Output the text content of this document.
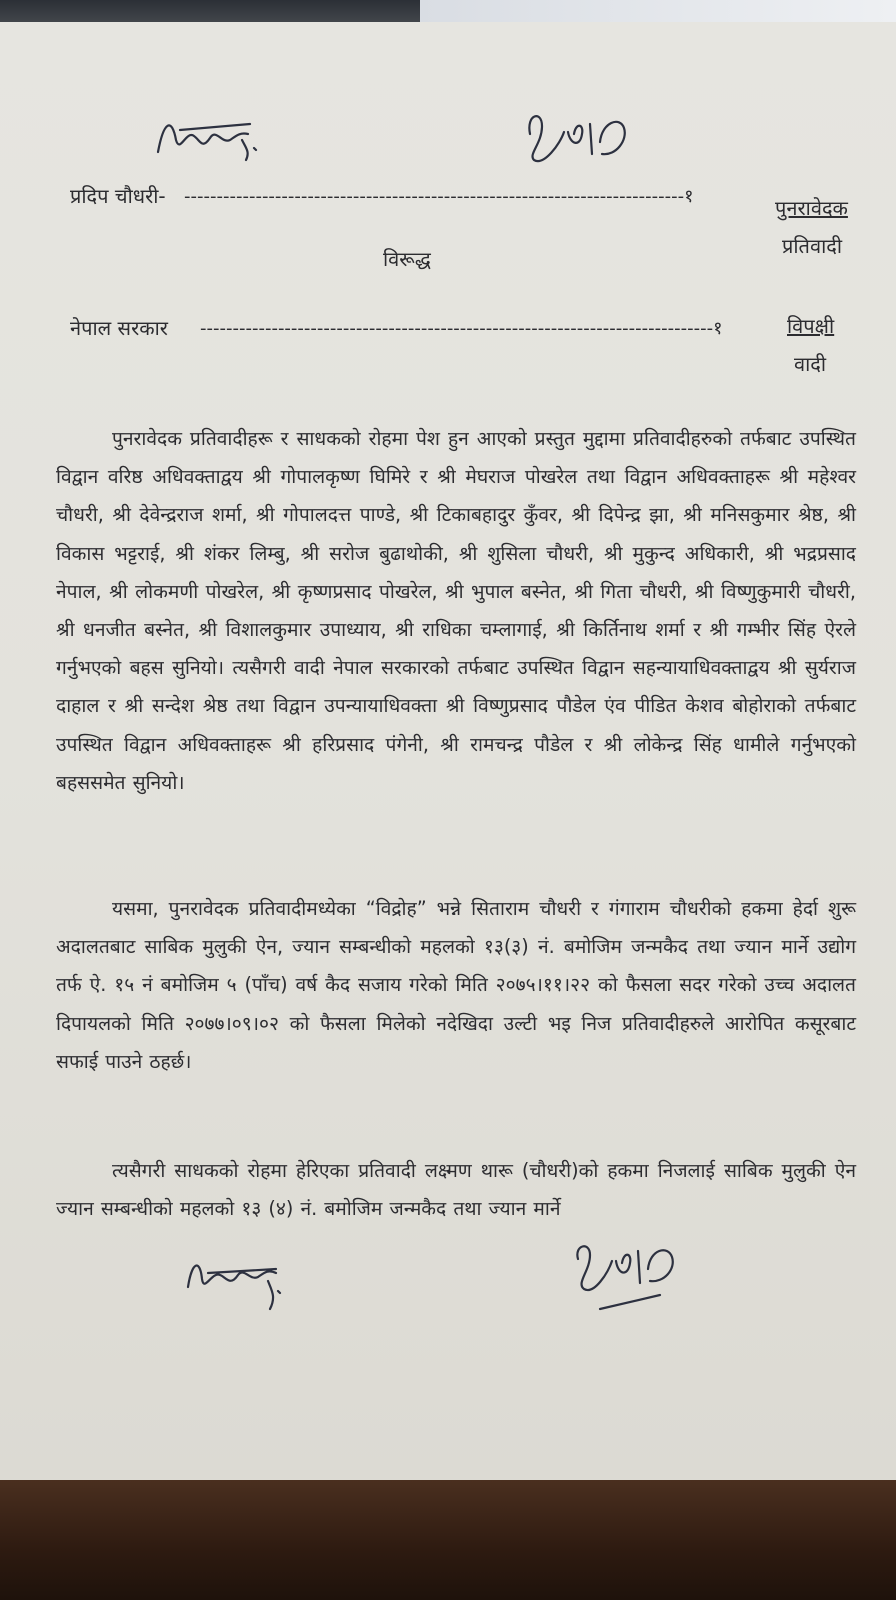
प्रदिप चौधरी- -----------------------------------------------------------------------------१	पुनरावेदक
प्रतिवादी
विरूद्ध
नेपाल सरकार -------------------------------------------------------------------------------१	विपक्षी
वादी
पुनरावेदक प्रतिवादीहरू र साधकको रोहमा पेश हुन आएको प्रस्तुत मुद्दामा प्रतिवादीहरुको तर्फबाट उपस्थित विद्वान वरिष्ठ अधिवक्ताद्वय श्री गोपालकृष्ण घिमिरे र श्री मेघराज पोखरेल तथा विद्वान अधिवक्ताहरू श्री महेश्वर चौधरी, श्री देवेन्द्रराज शर्मा, श्री गोपालदत्त पाण्डे, श्री टिकाबहादुर कुँवर, श्री दिपेन्द्र झा, श्री मनिसकुमार श्रेष्ठ, श्री विकास भट्टराई, श्री शंकर लिम्बु, श्री सरोज बुढाथोकी, श्री शुसिला चौधरी, श्री मुकुन्द अधिकारी, श्री भद्रप्रसाद नेपाल, श्री लोकमणी पोखरेल, श्री कृष्णप्रसाद पोखरेल, श्री भुपाल बस्नेत, श्री गिता चौधरी, श्री विष्णुकुमारी चौधरी, श्री धनजीत बस्नेत, श्री विशालकुमार उपाध्याय, श्री राधिका चम्लागाई, श्री किर्तिनाथ शर्मा र श्री गम्भीर सिंह ऐरले गर्नुभएको बहस सुनियो। त्यसैगरी वादी नेपाल सरकारको तर्फबाट उपस्थित विद्वान सहन्यायाधिवक्ताद्वय श्री सुर्यराज दाहाल र श्री सन्देश श्रेष्ठ तथा विद्वान उपन्यायाधिवक्ता श्री विष्णुप्रसाद पौडेल एंव पीडित केशव बोहोराको तर्फबाट उपस्थित विद्वान अधिवक्ताहरू श्री हरिप्रसाद पंगेनी, श्री रामचन्द्र पौडेल र श्री लोकेन्द्र सिंह धामीले गर्नुभएको बहससमेत सुनियो।
यसमा, पुनरावेदक प्रतिवादीमध्येका “विद्रोह” भन्ने सिताराम चौधरी र गंगाराम चौधरीको हकमा हेर्दा शुरू अदालतबाट साबिक मुलुकी ऐन, ज्यान सम्बन्धीको महलको १३(३) नं. बमोजिम जन्मकैद तथा ज्यान मार्ने उद्योग तर्फ ऐ. १५ नं बमोजिम ५ (पाँच) वर्ष कैद सजाय गरेको मिति २०७५।११।२२ को फैसला सदर गरेको उच्च अदालत दिपायलको मिति २०७७।०९।०२ को फैसला मिलेको नदेखिदा उल्टी भइ निज प्रतिवादीहरुले आरोपित कसूरबाट सफाई पाउने ठहर्छ।
त्यसैगरी साधकको रोहमा हेरिएका प्रतिवादी लक्ष्मण थारू (चौधरी)को हकमा निजलाई साबिक मुलुकी ऐन ज्यान सम्बन्धीको महलको १३ (४) नं. बमोजिम जन्मकैद तथा ज्यान मार्ने
